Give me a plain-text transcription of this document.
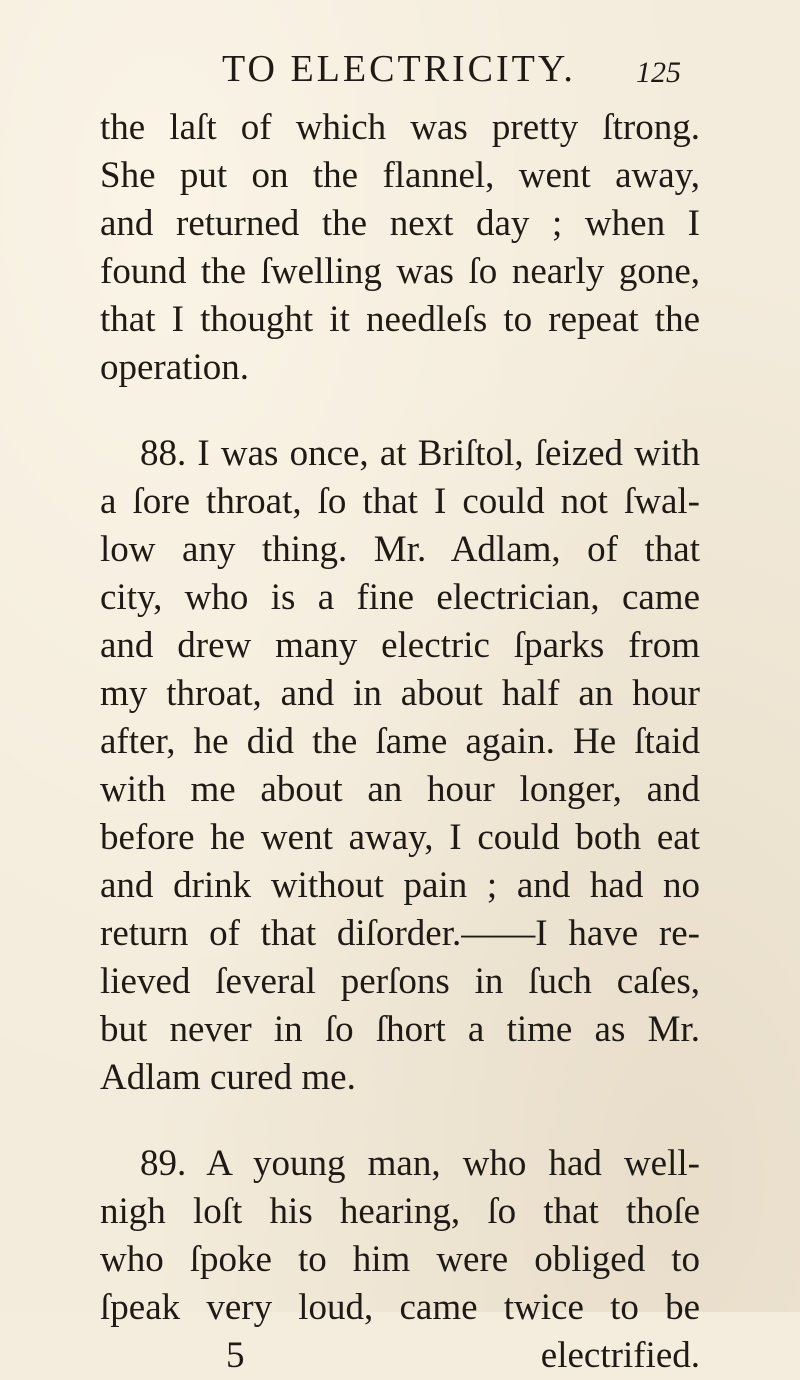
TO ELECTRICITY. 125
the laſt of which was pretty ſtrong.
She put on the flannel, went away,
and returned the next day ; when I
found the ſwelling was ſo nearly gone,
that I thought it needleſs to repeat the
operation.
88. I was once, at Briſtol, ſeized with
a ſore throat, ſo that I could not ſwal-
low any thing. Mr. Adlam, of that
city, who is a fine electrician, came
and drew many electric ſparks from
my throat, and in about half an hour
after, he did the ſame again. He ſtaid
with me about an hour longer, and
before he went away, I could both eat
and drink without pain ; and had no
return of that diſorder.——I have re-
lieved ſeveral perſons in ſuch caſes,
but never in ſo ſhort a time as Mr.
Adlam cured me.
89. A young man, who had well-
nigh loſt his hearing, ſo that thoſe
who ſpoke to him were obliged to
ſpeak very loud, came twice to be
5	electrified.
